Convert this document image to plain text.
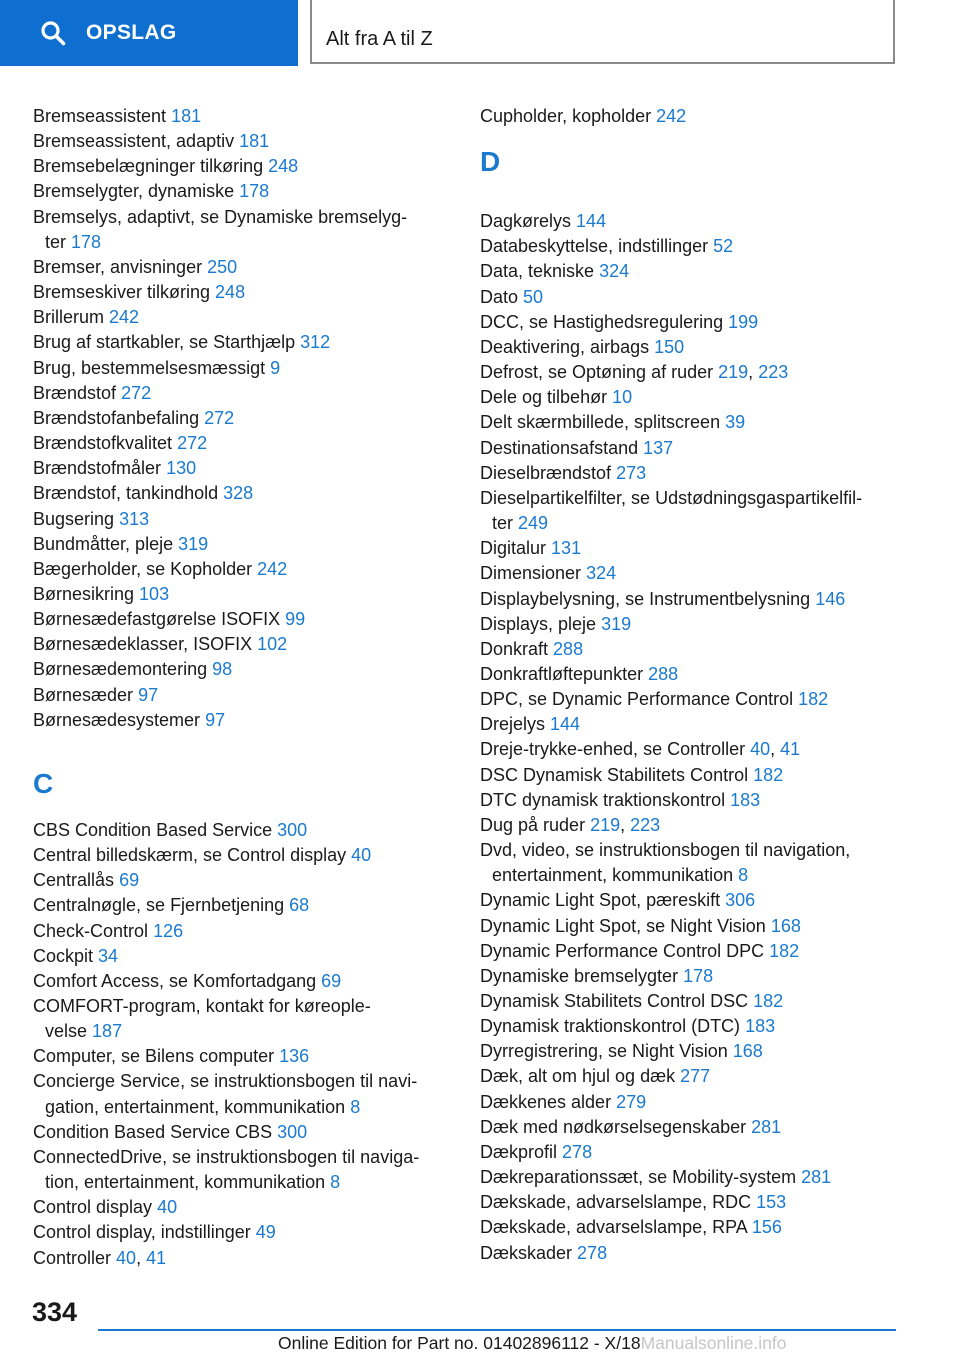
OPSLAG	Alt fra A til Z
Bremseassistent 181
Bremseassistent, adaptiv 181
Bremsebelægninger tilkøring 248
Bremselygter, dynamiske 178
Bremselys, adaptivt, se Dynamiske bremselyg‐
ter 178
Bremser, anvisninger 250
Bremseskiver tilkøring 248
Brillerum 242
Brug af startkabler, se Starthjælp 312
Brug, bestemmelsesmæssigt 9
Brændstof 272
Brændstofanbefaling 272
Brændstofkvalitet 272
Brændstofmåler 130
Brændstof, tankindhold 328
Bugsering 313
Bundmåtter, pleje 319
Bægerholder, se Kopholder 242
Børnesikring 103
Børnesædefastgørelse ISOFIX 99
Børnesædeklasser, ISOFIX 102
Børnesædemontering 98
Børnesæder 97
Børnesædesystemer 97
C
CBS Condition Based Service 300
Central billedskærm, se Control display 40
Centrallås 69
Centralnøgle, se Fjernbetjening 68
Check-Control 126
Cockpit 34
Comfort Access, se Komfortadgang 69
COMFORT-program, kontakt for køreople‐
velse 187
Computer, se Bilens computer 136
Concierge Service, se instruktionsbogen til navi‐
gation, entertainment, kommunikation 8
Condition Based Service CBS 300
ConnectedDrive, se instruktionsbogen til naviga‐
tion, entertainment, kommunikation 8
Control display 40
Control display, indstillinger 49
Controller 40, 41
Cupholder, kopholder 242
D
Dagkørelys 144
Databeskyttelse, indstillinger 52
Data, tekniske 324
Dato 50
DCC, se Hastighedsregulering 199
Deaktivering, airbags 150
Defrost, se Optøning af ruder 219, 223
Dele og tilbehør 10
Delt skærmbillede, splitscreen 39
Destinationsafstand 137
Dieselbrændstof 273
Dieselpartikelfilter, se Udstødningsgaspartikelfil‐
ter 249
Digitalur 131
Dimensioner 324
Displaybelysning, se Instrumentbelysning 146
Displays, pleje 319
Donkraft 288
Donkraftløftepunkter 288
DPC, se Dynamic Performance Control 182
Drejelys 144
Dreje-trykke-enhed, se Controller 40, 41
DSC Dynamisk Stabilitets Control 182
DTC dynamisk traktionskontrol 183
Dug på ruder 219, 223
Dvd, video, se instruktionsbogen til navigation,
entertainment, kommunikation 8
Dynamic Light Spot, pæreskift 306
Dynamic Light Spot, se Night Vision 168
Dynamic Performance Control DPC 182
Dynamiske bremselygter 178
Dynamisk Stabilitets Control DSC 182
Dynamisk traktionskontrol (DTC) 183
Dyrregistrering, se Night Vision 168
Dæk, alt om hjul og dæk 277
Dækkenes alder 279
Dæk med nødkørselsegenskaber 281
Dækprofil 278
Dækreparationssæt, se Mobility-system 281
Dækskade, advarselslampe, RDC 153
Dækskade, advarselslampe, RPA 156
Dækskader 278
334
Online Edition for Part no. 01402896112 - X/18Manualsonline.info
